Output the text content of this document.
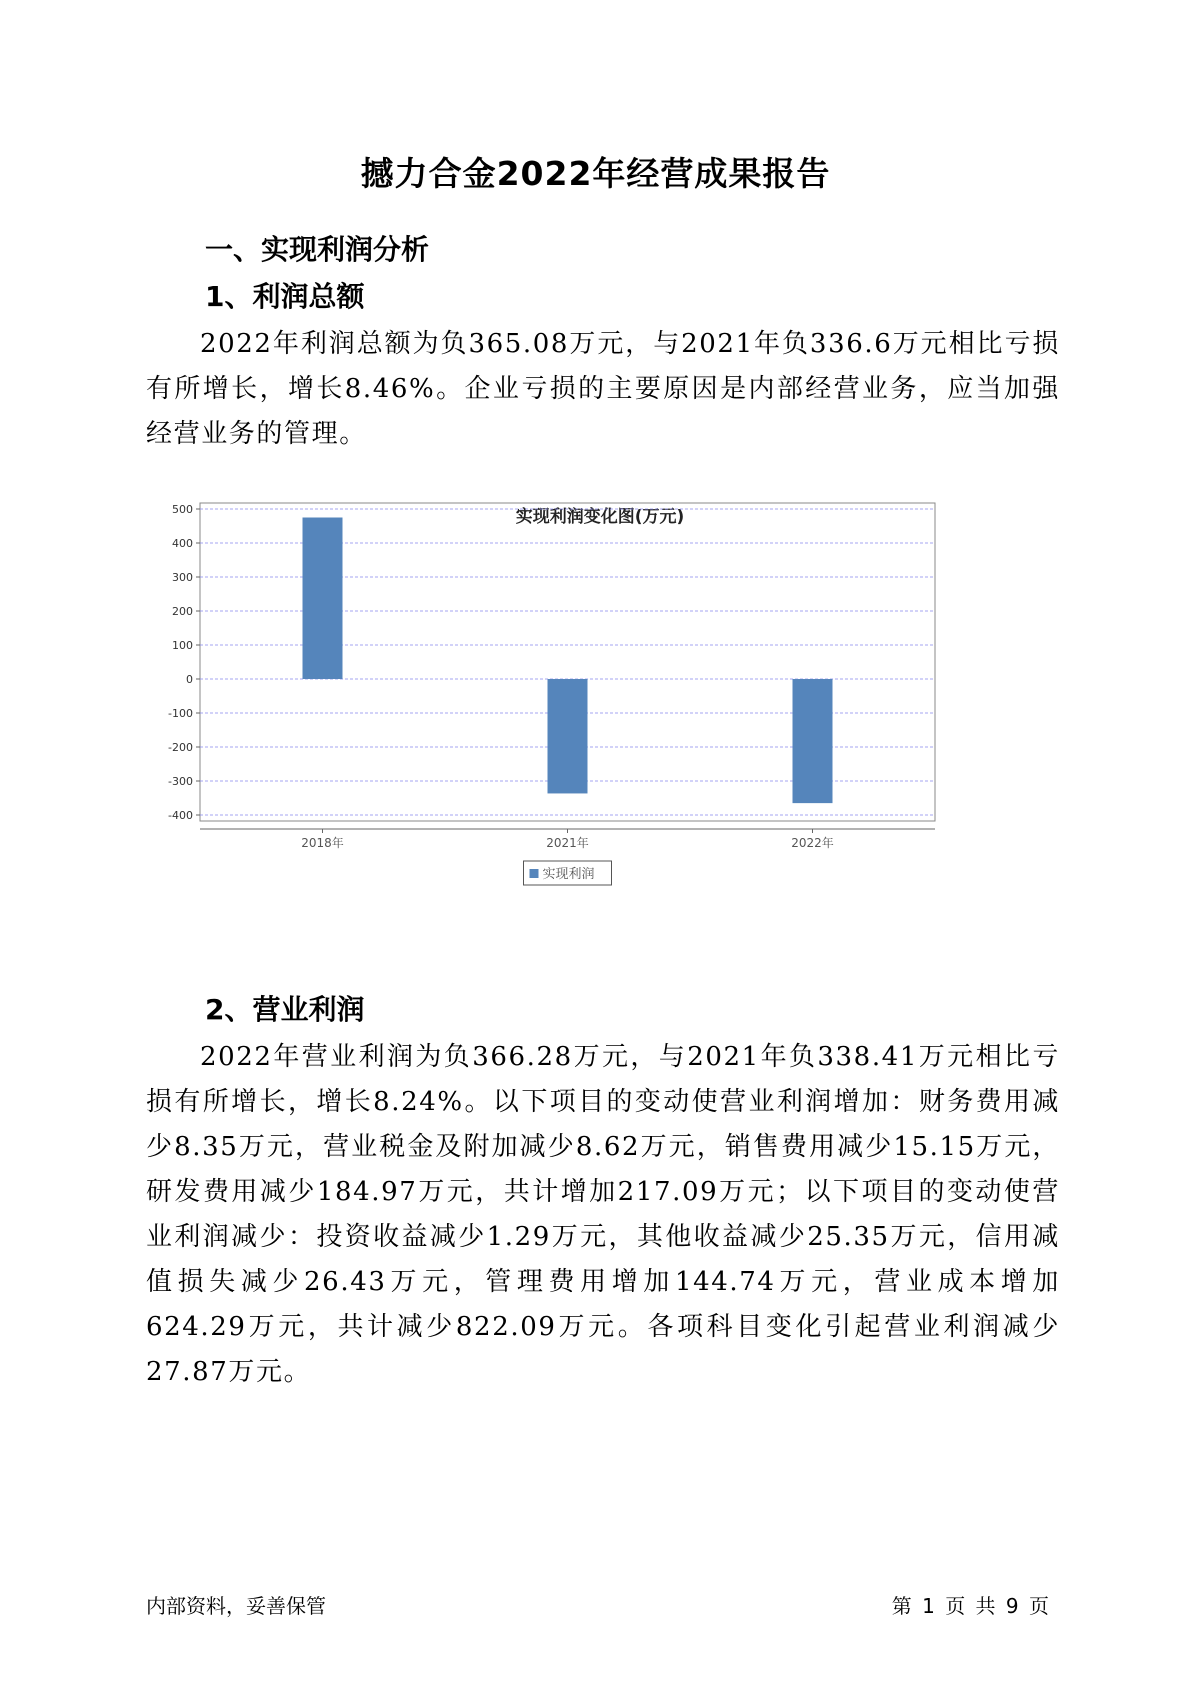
撼力合金2022年经营成果报告
一、实现利润分析
1、利润总额
2022年利润总额为负365.08万元，与2021年负336.6万元相比亏损有所增长，增长8.46%。企业亏损的主要原因是内部经营业务，应当加强经营业务的管理。
实现利润变化图(万元)
500
400
300
200
100
0
-100
-200
-300
-400
2018年	2021年	2022年
实现利润
2、营业利润
2022年营业利润为负366.28万元，与2021年负338.41万元相比亏损有所增长，增长8.24%。以下项目的变动使营业利润增加：财务费用减少8.35万元，营业税金及附加减少8.62万元，销售费用减少15.15万元，研发费用减少184.97万元，共计增加217.09万元；以下项目的变动使营业利润减少：投资收益减少1.29万元，其他收益减少25.35万元，信用减值损失减少26.43万元，管理费用增加144.74万元，营业成本增加624.29万元，共计减少822.09万元。各项科目变化引起营业利润减少27.87万元。
内部资料，妥善保管	第 1 页 共 9 页
